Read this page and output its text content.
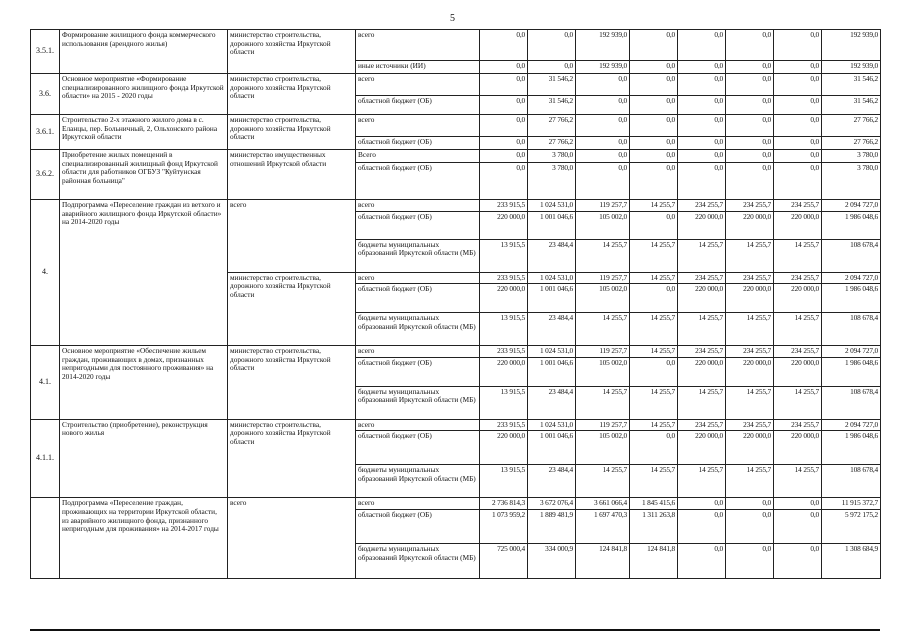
5
3.5.1.	Формирование жилищного фонда коммерческого использования (арендного жилья)	министерство строительства, дорожного хозяйства Иркутской области	всего	0,0	0,0	192 939,0	0,0	0,0	0,0	0,0	192 939,0
			иные источники (ИИ)	0,0	0,0	192 939,0	0,0	0,0	0,0	0,0	192 939,0
3.6.	Основное мероприятие «Формирование специализированного жилищного фонда Иркутской области» на 2015 - 2020 годы	министерство строительства, дорожного хозяйства Иркутской области	всего	0,0	31 546,2	0,0	0,0	0,0	0,0	0,0	31 546,2
			областной бюджет (ОБ)	0,0	31 546,2	0,0	0,0	0,0	0,0	0,0	31 546,2
3.6.1.	Строительство 2-х этажного жилого дома в с. Еланцы, пер. Больничный, 2, Ольхонского района Иркутской области	министерство строительства, дорожного хозяйства Иркутской области	всего	0,0	27 766,2	0,0	0,0	0,0	0,0	0,0	27 766,2
			областной бюджет (ОБ)	0,0	27 766,2	0,0	0,0	0,0	0,0	0,0	27 766,2
3.6.2.	Приобретение жилых помещений в специализированный жилищный фонд Иркутской области для работников ОГБУЗ "Куйтунская районная больница"	министерство имущественных отношений Иркутской области	Всего	0,0	3 780,0	0,0	0,0	0,0	0,0	0,0	3 780,0
			областной бюджет (ОБ)	0,0	3 780,0	0,0	0,0	0,0	0,0	0,0	3 780,0
4.	Подпрограмма «Переселение граждан из ветхого и аварийного жилищного фонда Иркутской области» на 2014-2020 годы	всего	всего	233 915,5	1 024 531,0	119 257,7	14 255,7	234 255,7	234 255,7	234 255,7	2 094 727,0
			областной бюджет (ОБ)	220 000,0	1 001 046,6	105 002,0	0,0	220 000,0	220 000,0	220 000,0	1 986 048,6
			бюджеты муниципальных образований Иркутской области (МБ)	13 915,5	23 484,4	14 255,7	14 255,7	14 255,7	14 255,7	14 255,7	108 678,4
		министерство строительства, дорожного хозяйства Иркутской области	всего	233 915,5	1 024 531,0	119 257,7	14 255,7	234 255,7	234 255,7	234 255,7	2 094 727,0
			областной бюджет (ОБ)	220 000,0	1 001 046,6	105 002,0	0,0	220 000,0	220 000,0	220 000,0	1 986 048,6
			бюджеты муниципальных образований Иркутской области (МБ)	13 915,5	23 484,4	14 255,7	14 255,7	14 255,7	14 255,7	14 255,7	108 678,4
4.1.	Основное мероприятие «Обеспечение жильем граждан, проживающих в домах, признанных непригодными для постоянного проживания» на 2014-2020 годы	министерство строительства, дорожного хозяйства Иркутской области	всего	233 915,5	1 024 531,0	119 257,7	14 255,7	234 255,7	234 255,7	234 255,7	2 094 727,0
			областной бюджет (ОБ)	220 000,0	1 001 046,6	105 002,0	0,0	220 000,0	220 000,0	220 000,0	1 986 048,6
			бюджеты муниципальных образований Иркутской области (МБ)	13 915,5	23 484,4	14 255,7	14 255,7	14 255,7	14 255,7	14 255,7	108 678,4
4.1.1.	Строительство (приобретение), реконструкция нового жилья	министерство строительства, дорожного хозяйства Иркутской области	всего	233 915,5	1 024 531,0	119 257,7	14 255,7	234 255,7	234 255,7	234 255,7	2 094 727,0
			областной бюджет (ОБ)	220 000,0	1 001 046,6	105 002,0	0,0	220 000,0	220 000,0	220 000,0	1 986 048,6
			бюджеты муниципальных образований Иркутской области (МБ)	13 915,5	23 484,4	14 255,7	14 255,7	14 255,7	14 255,7	14 255,7	108 678,4
	Подпрограмма «Переселение граждан, проживающих на территории Иркутской области, из аварийного жилищного фонда, признанного непригодным для проживания» на 2014-2017 годы	всего	всего	2 736 814,3	3 672 076,4	3 661 066,4	1 845 415,6	0,0	0,0	0,0	11 915 372,7
			областной бюджет (ОБ)	1 073 959,2	1 889 481,9	1 697 470,3	1 311 263,8	0,0	0,0	0,0	5 972 175,2
			бюджеты муниципальных образований Иркутской области (МБ)	725 000,4	334 000,9	124 841,8	124 841,8	0,0	0,0	0,0	1 308 684,9
